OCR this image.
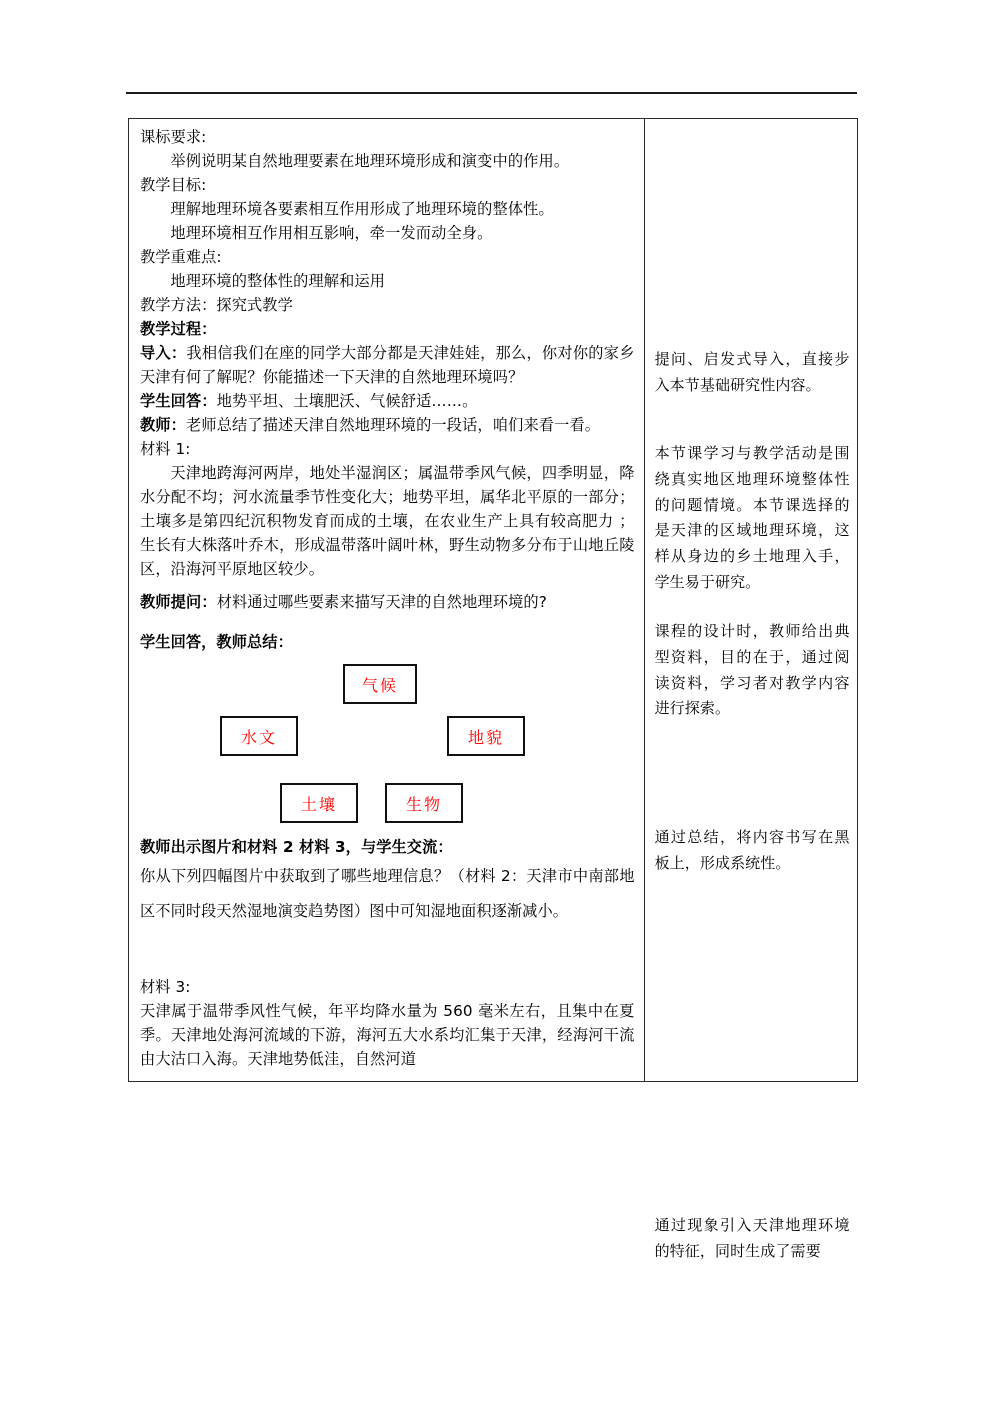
课标要求:

举例说明某自然地理要素在地理环境形成和演变中的作用。

教学目标:

理解地理环境各要素相互作用形成了地理环境的整体性。

地理环境相互作用相互影响，牵一发而动全身。

教学重难点:

地理环境的整体性的理解和运用

教学方法：探究式教学

教学过程：

导入：我相信我们在座的同学大部分都是天津娃娃，那么，你对你的家乡天津有何了解呢？你能描述一下天津的自然地理环境吗？

学生回答：地势平坦、土壤肥沃、气候舒适……。

教师：老师总结了描述天津自然地理环境的一段话，咱们来看一看。

材料 1:

天津地跨海河两岸，地处半湿润区；属温带季风气候，四季明显，降水分配不均；河水流量季节性变化大；地势平坦，属华北平原的一部分；土壤多是第四纪沉积物发育而成的土壤，在农业生产上具有较高肥力 ；生长有大株落叶乔木，形成温带落叶阔叶林，野生动物多分布于山地丘陵区，沿海河平原地区较少。

教师提问：材料通过哪些要素来描写天津的自然地理环境的?

学生回答，教师总结：

气候
水文	地貌
土壤	生物

教师出示图片和材料 2 材料 3，与学生交流：

你从下列四幅图片中获取到了哪些地理信息？（材料 2：天津市中南部地区不同时段天然湿地演变趋势图）图中可知湿地面积逐渐减小。

材料 3:

天津属于温带季风性气候，年平均降水量为 560 毫米左右，且集中在夏季。天津地处海河流域的下游，海河五大水系均汇集于天津，经海河干流由大沽口入海。天津地势低洼，自然河道

提问、启发式导入，直接步入本节基础研究性内容。

本节课学习与教学活动是围绕真实地区地理环境整体性的问题情境。本节课选择的是天津的区域地理环境，这样从身边的乡土地理入手，学生易于研究。

课程的设计时，教师给出典型资料，目的在于，通过阅读资料，学习者对教学内容进行探索。

通过总结，将内容书写在黑板上，形成系统性。

通过现象引入天津地理环境的特征，同时生成了需要
